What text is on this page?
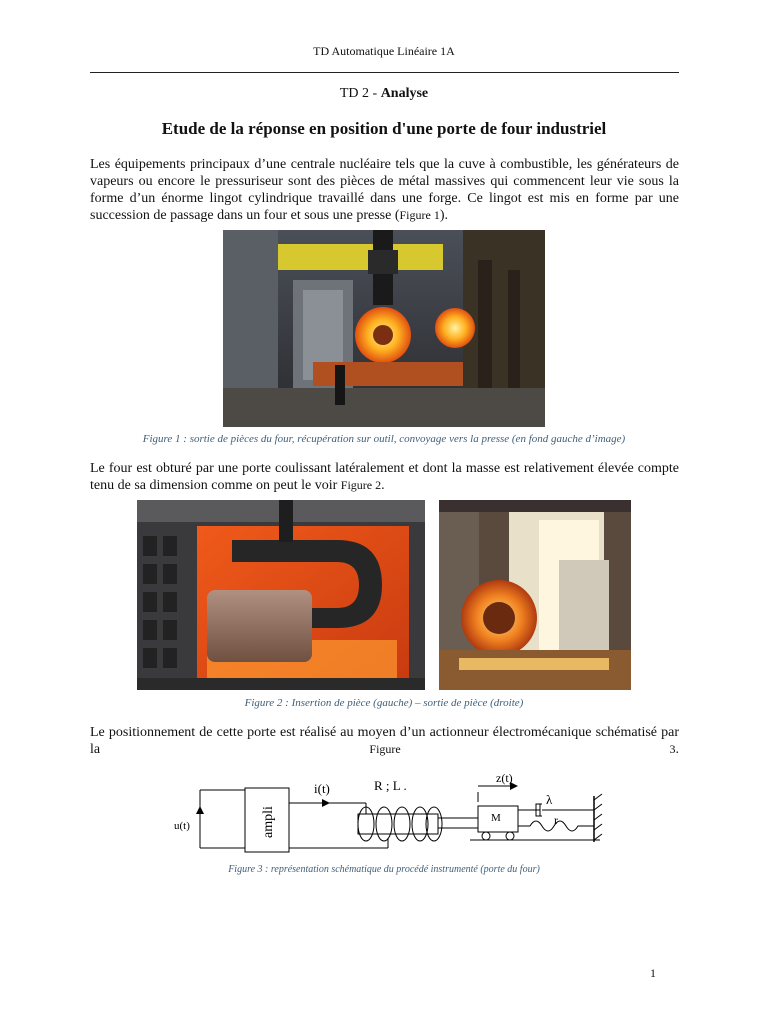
TD Automatique Linéaire 1A
TD 2 - Analyse
Etude de la réponse en position d'une porte de four industriel
Les équipements principaux d’une centrale nucléaire tels que la cuve à combustible, les générateurs de vapeurs ou encore le pressuriseur sont des pièces de métal massives qui commencent leur vie sous la forme d’un énorme lingot cylindrique travaillé dans une forge. Ce lingot est mis en forme par une succession de passage dans un four et sous une presse (Figure 1).
Figure 1 : sortie de pièces du four, récupération sur outil, convoyage vers la presse (en fond gauche d’image)
Le four est obturé par une porte coulissant latéralement et dont la masse est relativement élevée compte tenu de sa dimension comme on peut le voir Figure 2.
Figure 2 : Insertion de pièce (gauche) – sortie de pièce (droite)
Le positionnement de cette porte est réalisé au moyen d’un actionneur électromécanique schématisé par la Figure 3.
u(t)	ampli
i(t)	R ; L .	z(t)
M
λ
r
Figure 3 : représentation schématique du procédé instrumenté (porte du four)
1
